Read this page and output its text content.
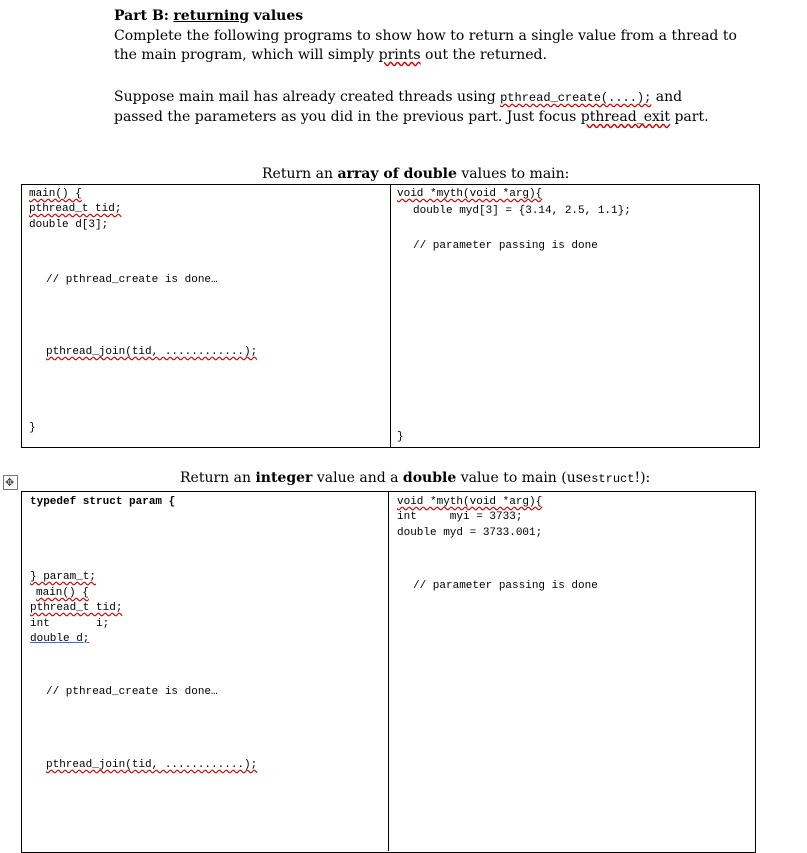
Part B: returning values
Complete the following programs to show how to return a single value from a thread to
the main program, which will simply prints out the returned.
Suppose main mail has already created threads using pthread_create(....); and
passed the parameters as you did in the previous part. Just focus pthread_exit part.
Return an array of double values to main:
main() {
pthread_t tid;
double d[3];
// pthread_create is done…
pthread_join(tid, ............);
}
void *myth(void *arg){
double myd[3] = {3.14, 2.5, 1.1};
// parameter passing is done
}
✥	Return an integer value and a double value to main (usestruct!):
typedef struct param {
} param_t;
main() {
pthread_t tid;
int       i;
double d;
// pthread_create is done…
pthread_join(tid, ............);
void *myth(void *arg){
int     myi = 3733;
double myd = 3733.001;
// parameter passing is done
